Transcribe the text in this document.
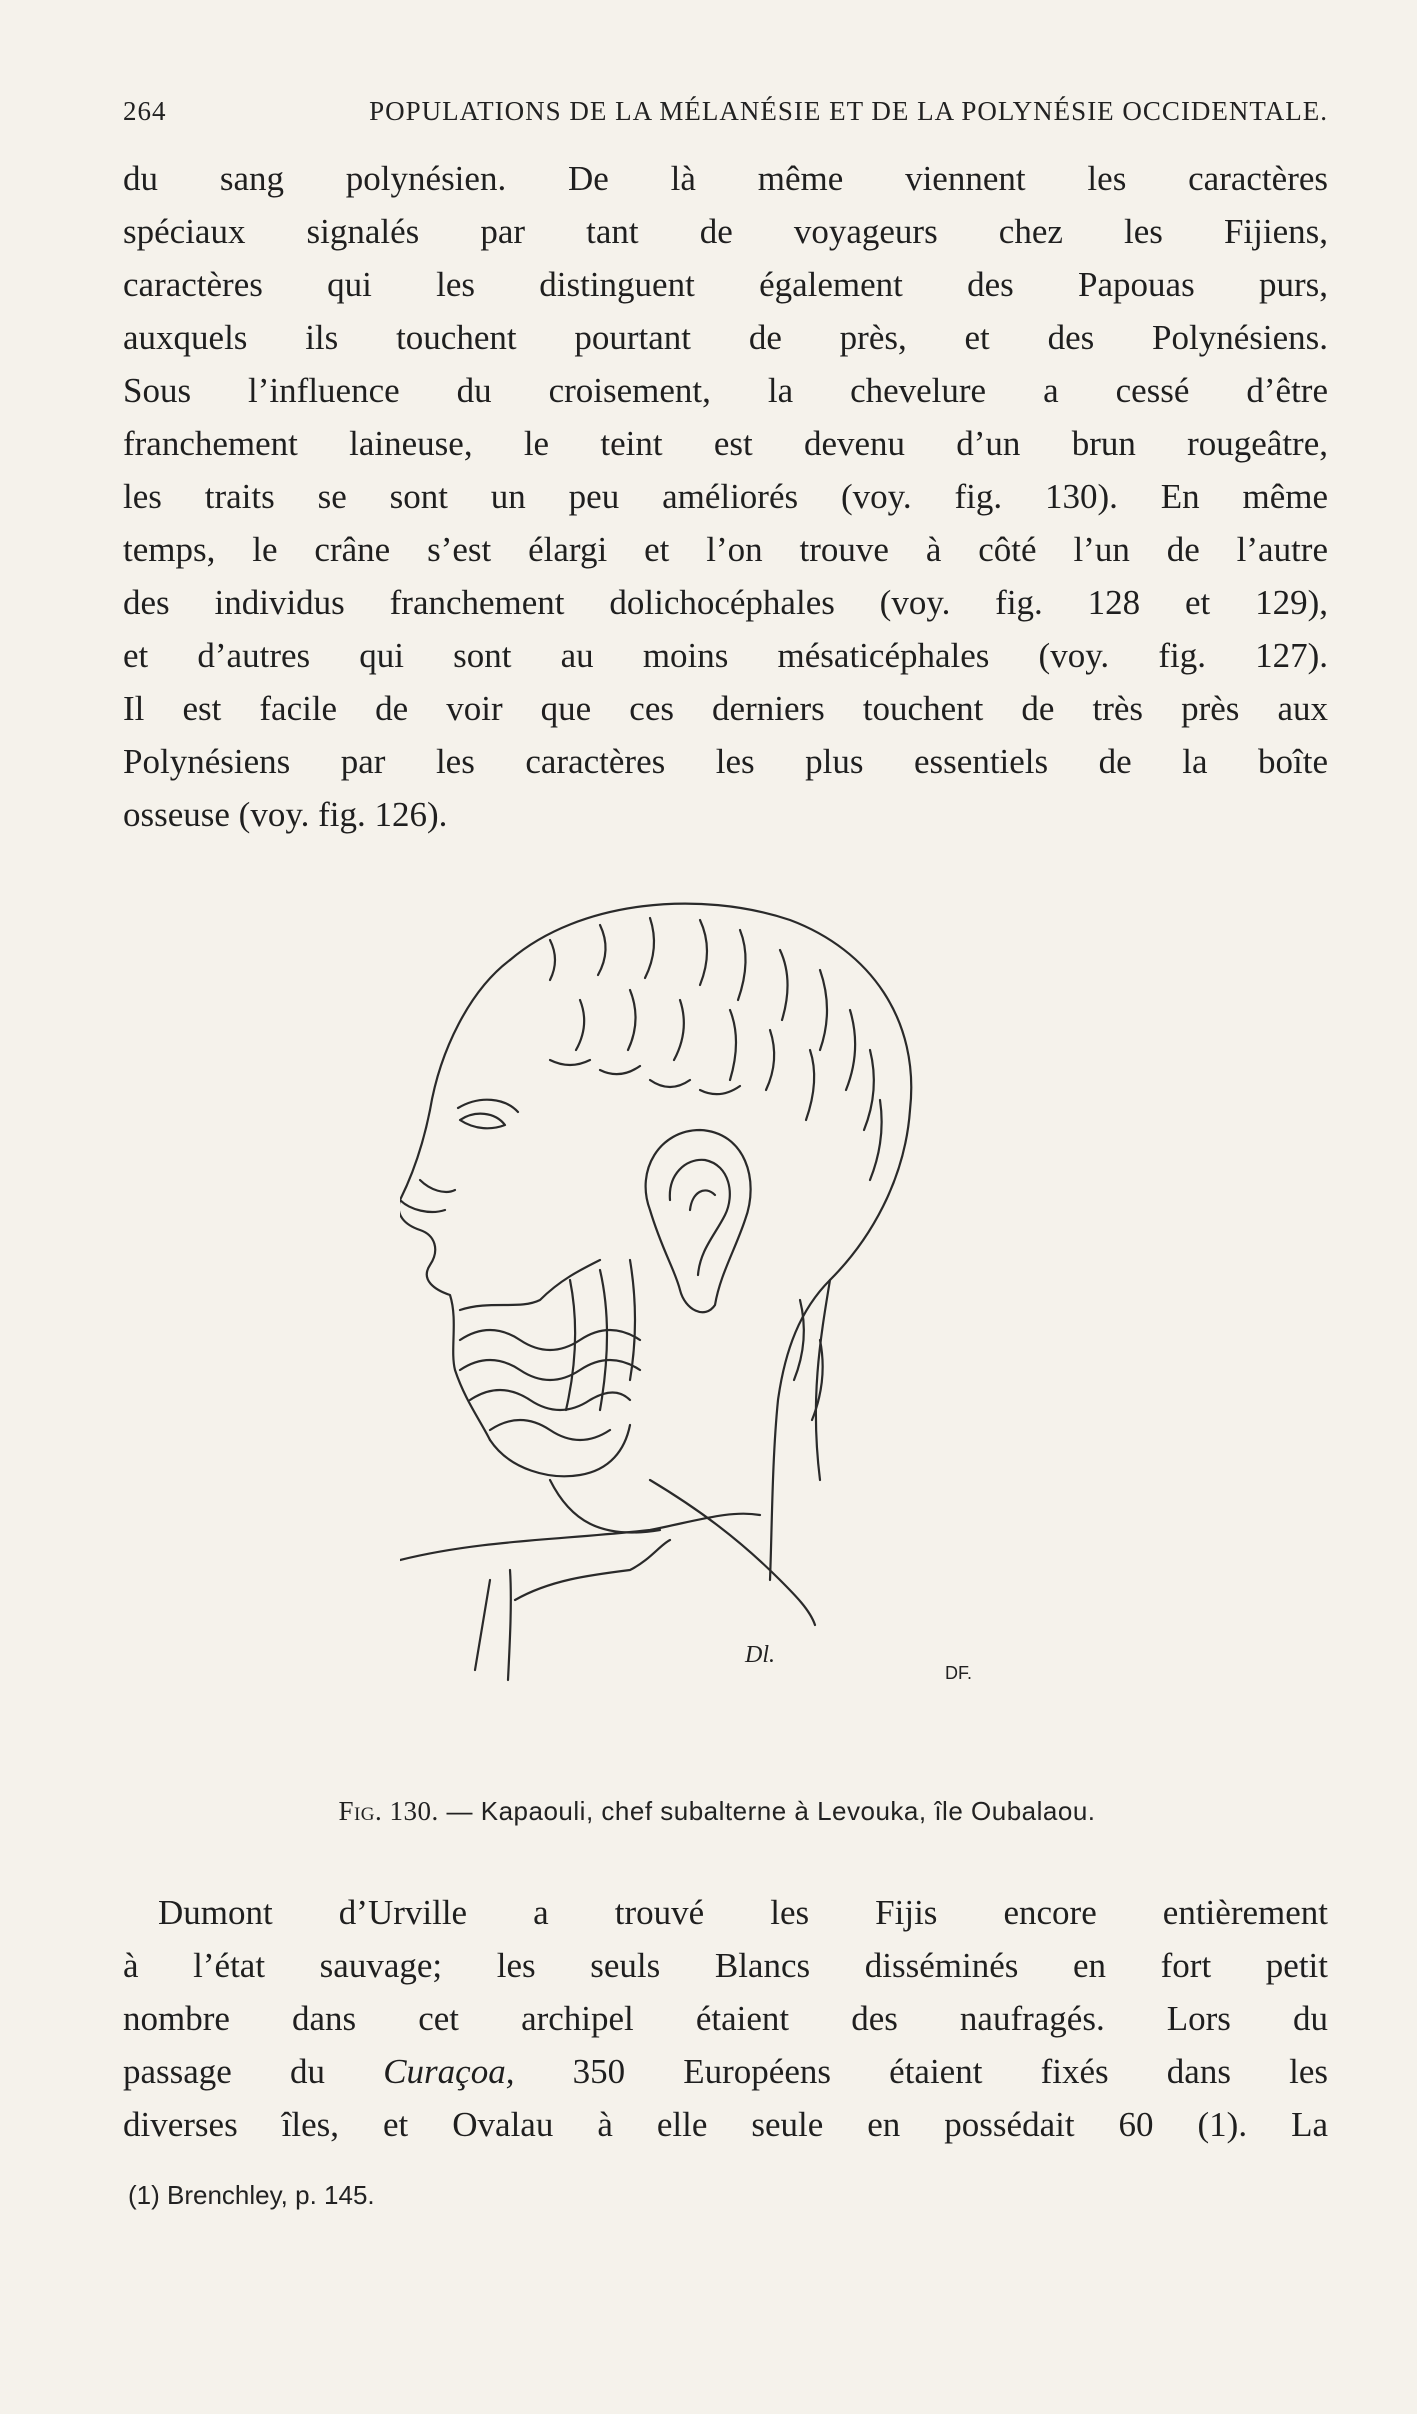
264	POPULATIONS DE LA MÉLANÉSIE ET DE LA POLYNÉSIE OCCIDENTALE.
du sang polynésien. De là même viennent les caractères
spéciaux signalés par tant de voyageurs chez les Fijiens,
caractères qui les distinguent également des Papouas purs,
auxquels ils touchent pourtant de près, et des Polynésiens.
Sous l’influence du croisement, la chevelure a cessé d’être
franchement laineuse, le teint est devenu d’un brun rougeâtre,
les traits se sont un peu améliorés (voy. fig. 130). En même
temps, le crâne s’est élargi et l’on trouve à côté l’un de l’autre
des individus franchement dolichocéphales (voy. fig. 128 et 129),
et d’autres qui sont au moins mésaticéphales (voy. fig. 127).
Il est facile de voir que ces derniers touchent de très près aux
Polynésiens par les caractères les plus essentiels de la boîte
osseuse (voy. fig. 126).
Dl.
DF.
Fig. 130. — Kapaouli, chef subalterne à Levouka, île Oubalaou.
Dumont d’Urville a trouvé les Fijis encore entièrement
à l’état sauvage; les seuls Blancs disséminés en fort petit
nombre dans cet archipel étaient des naufragés. Lors du
passage du Curaçoa, 350 Européens étaient fixés dans les
diverses îles, et Ovalau à elle seule en possédait 60 (1). La
(1) Brenchley, p. 145.
